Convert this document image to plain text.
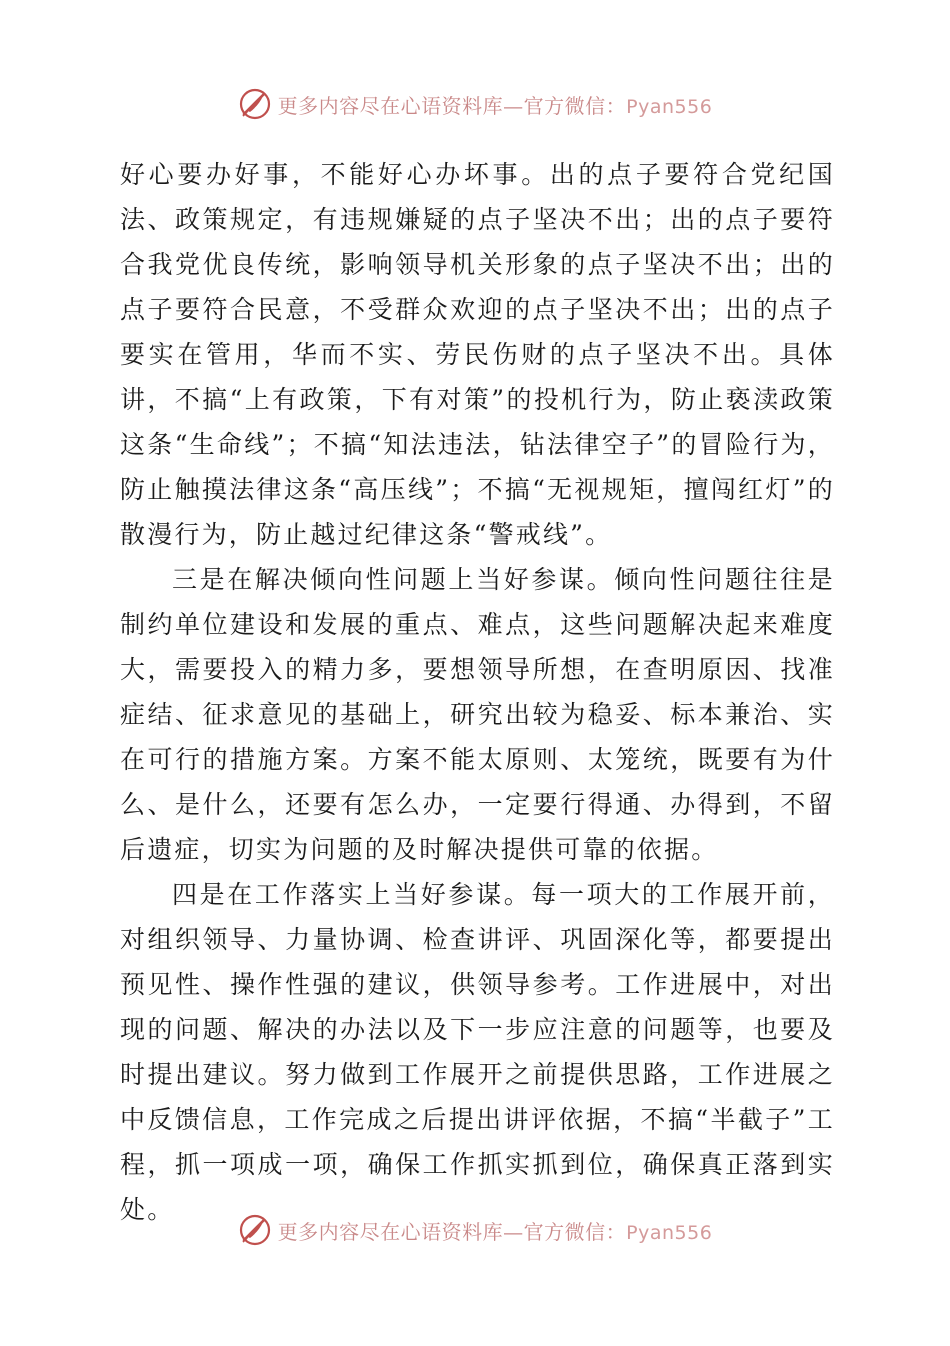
更多内容尽在心语资料库—官方微信：Pyan556

好心要办好事，不能好心办坏事。出的点子要符合党纪国法、政策规定，有违规嫌疑的点子坚决不出；出的点子要符合我党优良传统，影响领导机关形象的点子坚决不出；出的点子要符合民意，不受群众欢迎的点子坚决不出；出的点子要实在管用，华而不实、劳民伤财的点子坚决不出。具体讲，不搞“上有政策，下有对策”的投机行为，防止亵渎政策这条“生命线”；不搞“知法违法，钻法律空子”的冒险行为，防止触摸法律这条“高压线”；不搞“无视规矩，擅闯红灯”的散漫行为，防止越过纪律这条“警戒线”。

三是在解决倾向性问题上当好参谋。倾向性问题往往是制约单位建设和发展的重点、难点，这些问题解决起来难度大，需要投入的精力多，要想领导所想，在查明原因、找准症结、征求意见的基础上，研究出较为稳妥、标本兼治、实在可行的措施方案。方案不能太原则、太笼统，既要有为什么、是什么，还要有怎么办，一定要行得通、办得到，不留后遗症，切实为问题的及时解决提供可靠的依据。

四是在工作落实上当好参谋。每一项大的工作展开前，对组织领导、力量协调、检查讲评、巩固深化等，都要提出预见性、操作性强的建议，供领导参考。工作进展中，对出现的问题、解决的办法以及下一步应注意的问题等，也要及时提出建议。努力做到工作展开之前提供思路，工作进展之中反馈信息，工作完成之后提出讲评依据，不搞“半截子”工程，抓一项成一项，确保工作抓实抓到位，确保真正落到实处。

更多内容尽在心语资料库—官方微信：Pyan556
